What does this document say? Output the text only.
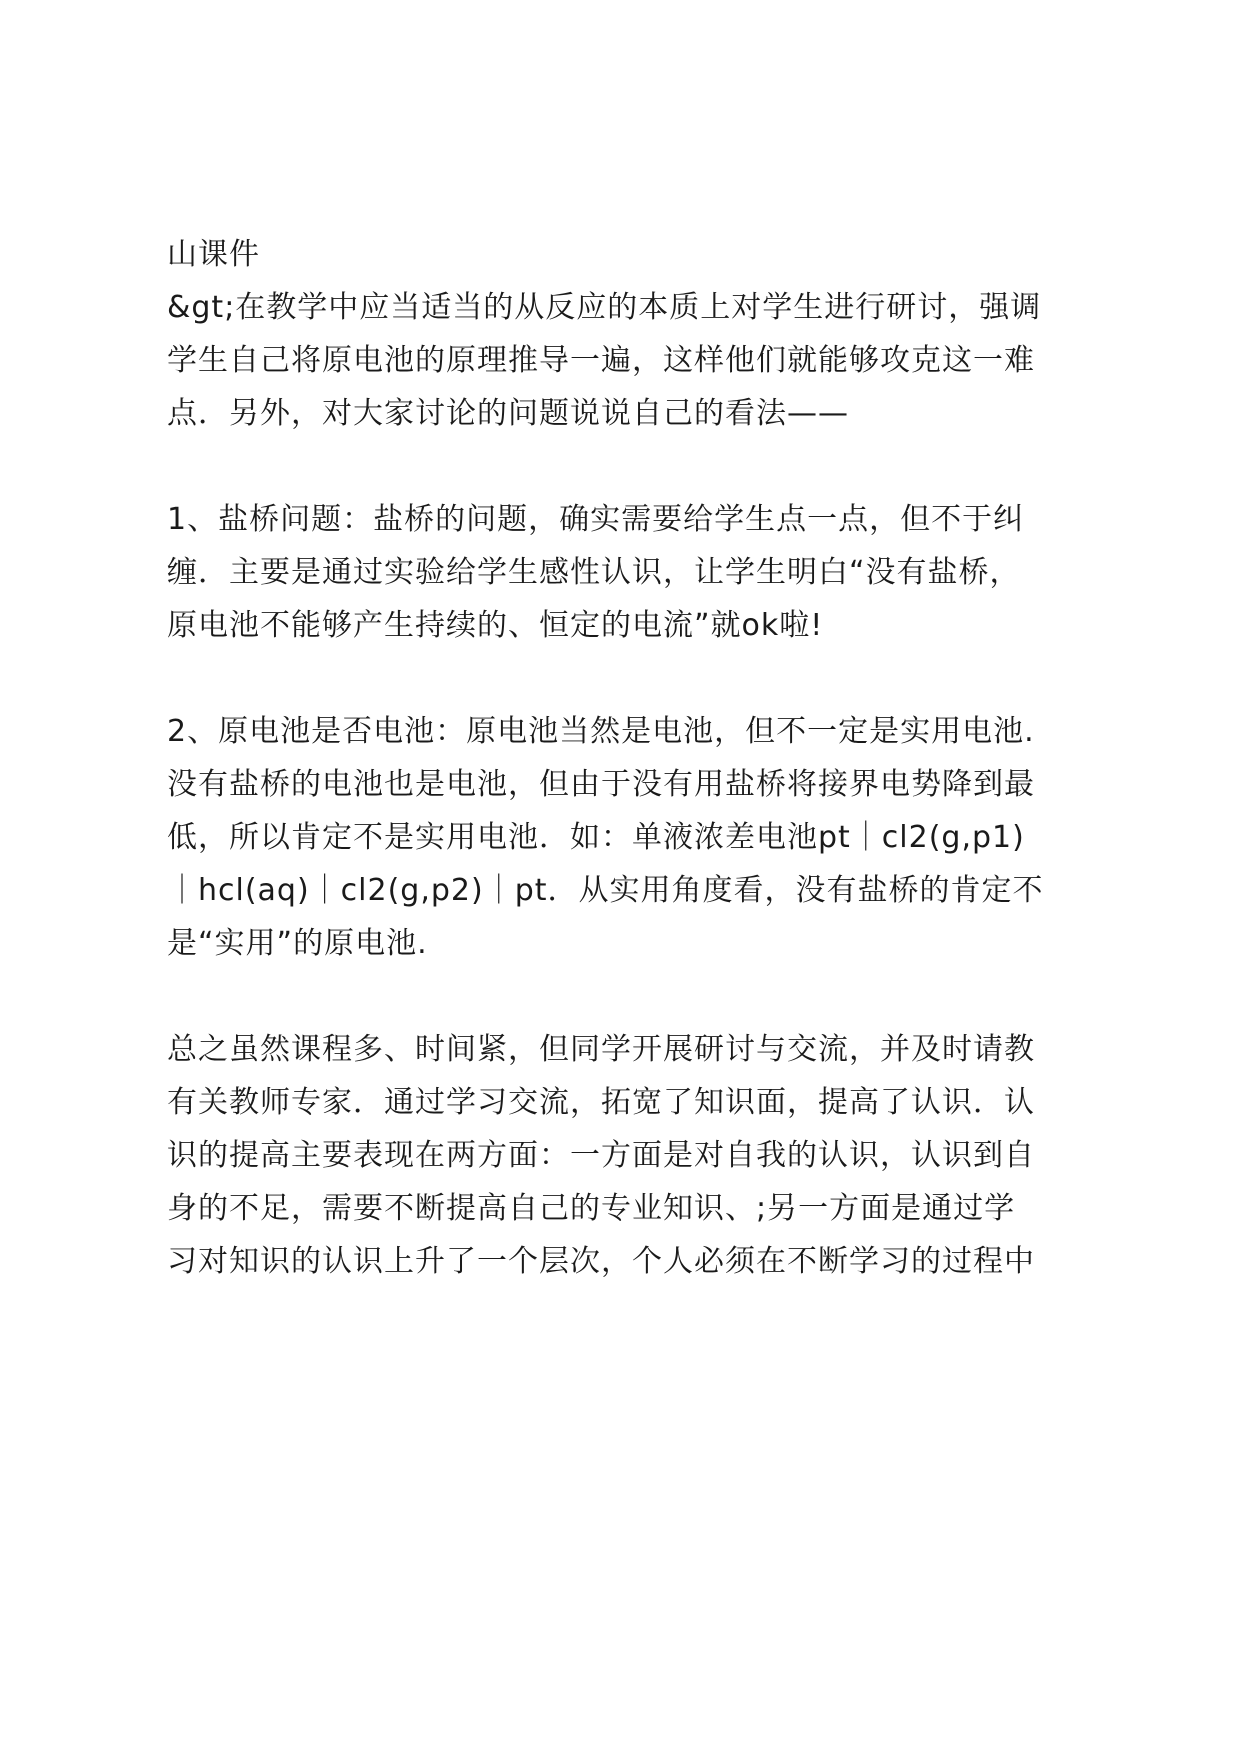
山课件
&gt;在教学中应当适当的从反应的本质上对学生进行研讨，强调
学生自己将原电池的原理推导一遍，这样他们就能够攻克这一难
点．另外，对大家讨论的问题说说自己的看法——
1、盐桥问题：盐桥的问题，确实需要给学生点一点，但不于纠
缠．主要是通过实验给学生感性认识，让学生明白“没有盐桥，
原电池不能够产生持续的、恒定的电流”就ok啦!
2、原电池是否电池：原电池当然是电池，但不一定是实用电池.
没有盐桥的电池也是电池，但由于没有用盐桥将接界电势降到最
低，所以肯定不是实用电池．如：单液浓差电池pt｜cl2(g,p1)
｜hcl(aq)｜cl2(g,p2)｜pt．从实用角度看，没有盐桥的肯定不
是“实用”的原电池.
总之虽然课程多、时间紧，但同学开展研讨与交流，并及时请教
有关教师专家．通过学习交流，拓宽了知识面，提高了认识．认
识的提高主要表现在两方面：一方面是对自我的认识，认识到自
身的不足，需要不断提高自己的专业知识、;另一方面是通过学
习对知识的认识上升了一个层次，个人必须在不断学习的过程中
